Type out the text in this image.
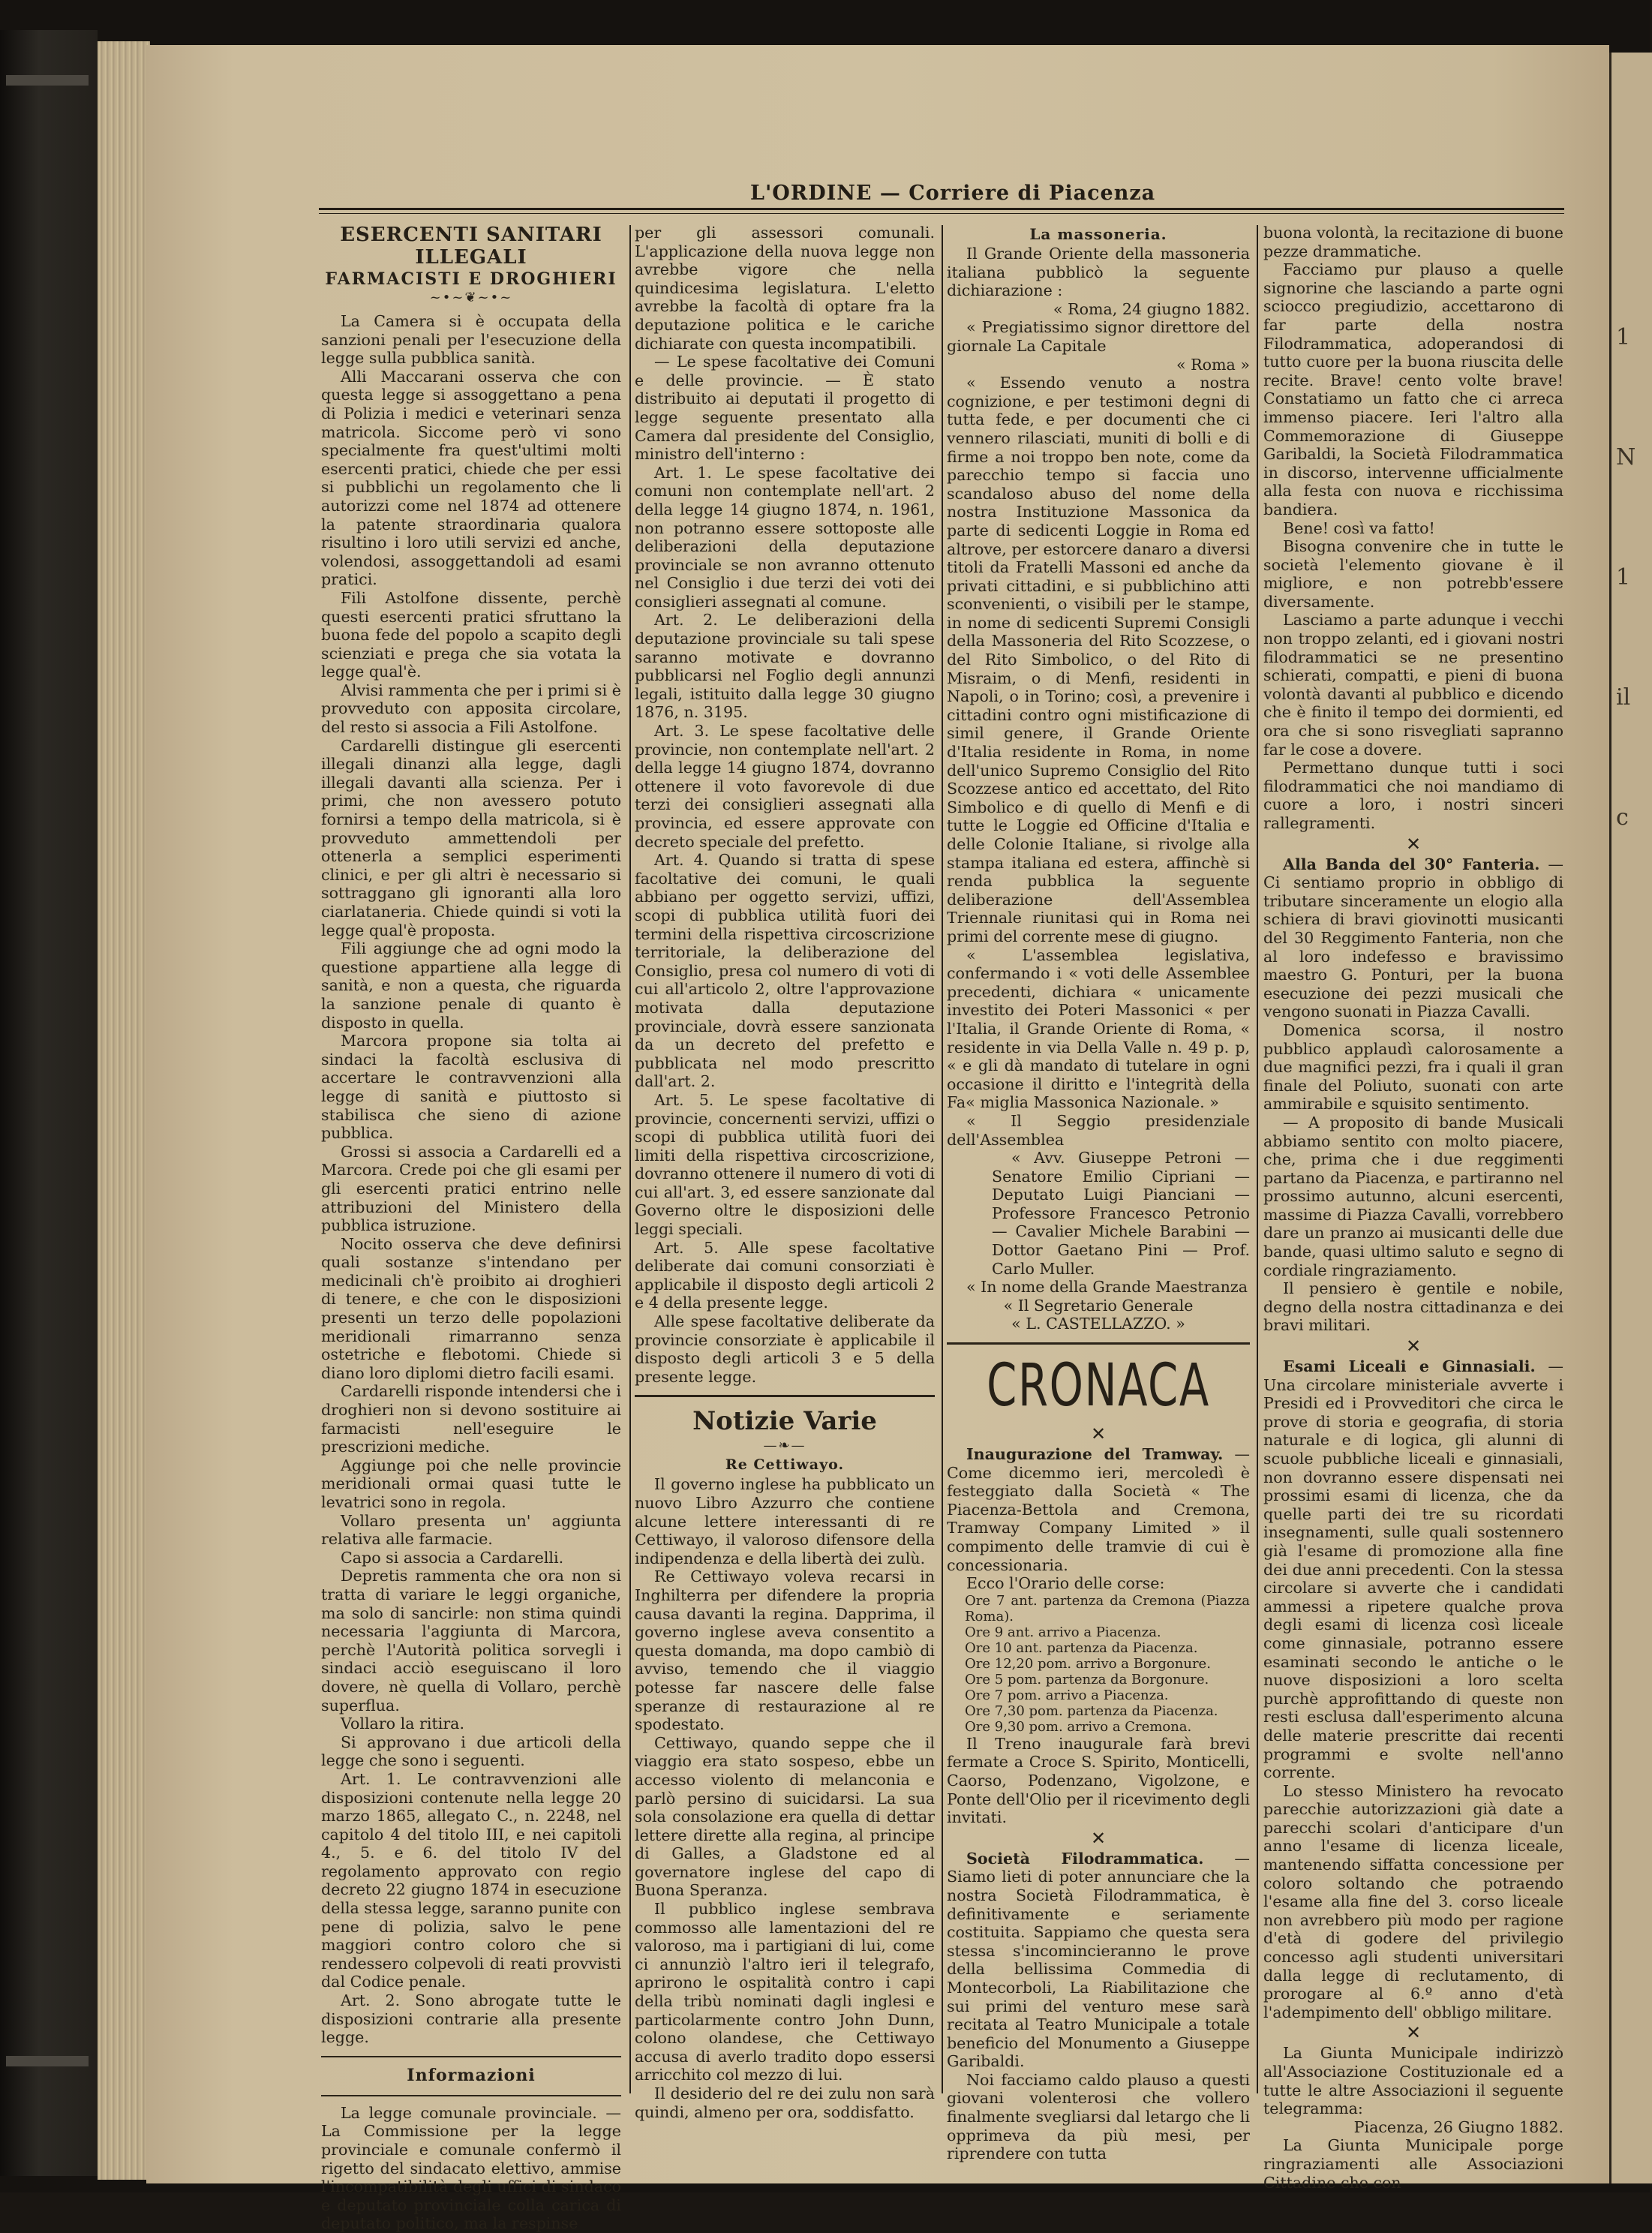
1
N
1
il
c
L'ORDINE — Corriere di Piacenza
ESERCENTI SANITARI ILLEGALI
FARMACISTI E DROGHIERI
~•~❦~•~

La Camera si è occupata della sanzioni penali per l'esecuzione della legge sulla pubblica sanità.

Alli Maccarani osserva che con questa legge si assoggettano a pena di Polizia i medici e veterinari senza matricola. Siccome però vi sono specialmente fra quest'ultimi molti esercenti pratici, chiede che per essi si pubblichi un regolamento che li autorizzi come nel 1874 ad ottenere la patente straordinaria qualora risultino i loro utili servizi ed anche, volendosi, assoggettandoli ad esami pratici.

Fili Astolfone dissente, perchè questi esercenti pratici sfruttano la buona fede del popolo a scapito degli scienziati e prega che sia votata la legge qual'è.

Alvisi rammenta che per i primi si è provveduto con apposita circolare, del resto si associa a Fili Astolfone.

Cardarelli distingue gli esercenti illegali dinanzi alla legge, dagli illegali davanti alla scienza. Per i primi, che non avessero potuto fornirsi a tempo della matricola, si è provveduto ammettendoli per ottenerla a semplici esperimenti clinici, e per gli altri è necessario si sottraggano gli ignoranti alla loro ciarlataneria. Chiede quindi si voti la legge qual'è proposta.

Fili aggiunge che ad ogni modo la questione appartiene alla legge di sanità, e non a questa, che riguarda la sanzione penale di quanto è disposto in quella.

Marcora propone sia tolta ai sindaci la facoltà esclusiva di accertare le contravvenzioni alla legge di sanità e piuttosto si stabilisca che sieno di azione pubblica.

Grossi si associa a Cardarelli ed a Marcora. Crede poi che gli esami per gli esercenti pratici entrino nelle attribuzioni del Ministero della pubblica istruzione.

Nocito osserva che deve definirsi quali sostanze s'intendano per medicinali ch'è proibito ai droghieri di tenere, e che con le disposizioni presenti un terzo delle popolazioni meridionali rimarranno senza ostetriche e flebotomi. Chiede si diano loro diplomi dietro facili esami.

Cardarelli risponde intendersi che i droghieri non si devono sostituire ai farmacisti nell'eseguire le prescrizioni mediche.

Aggiunge poi che nelle provincie meridionali ormai quasi tutte le levatrici sono in regola.

Vollaro presenta un' aggiunta relativa alle farmacie.

Capo si associa a Cardarelli.

Depretis rammenta che ora non si tratta di variare le leggi organiche, ma solo di sancirle: non stima quindi necessaria l'aggiunta di Marcora, perchè l'Autorità politica sorvegli i sindaci acciò eseguiscano il loro dovere, nè quella di Vollaro, perchè superflua.

Vollaro la ritira.

Si approvano i due articoli della legge che sono i seguenti.

Art. 1. Le contravvenzioni alle disposizioni contenute nella legge 20 marzo 1865, allegato C., n. 2248, nel capitolo 4 del titolo III, e nei capitoli 4., 5. e 6. del titolo IV del regolamento approvato con regio decreto 22 giugno 1874 in esecuzione della stessa legge, saranno punite con pene di polizia, salvo le pene maggiori contro coloro che si rendessero colpevoli di reati provvisti dal Codice penale.

Art. 2. Sono abrogate tutte le disposizioni contrarie alla presente legge.

Informazioni

La legge comunale provinciale. — La Commissione per la legge provinciale e comunale confermò il rigetto del sindacato elettivo, ammise l'incompatibilità degli uffici di sindaco e deputato provinciale colla carica di deputato politico, ma la respinse

per gli assessori comunali. L'applicazione della nuova legge non avrebbe vigore che nella quindicesima legislatura. L'eletto avrebbe la facoltà di optare fra la deputazione politica e le cariche dichiarate con questa incompatibili.

— Le spese facoltative dei Comuni e delle provincie. — È stato distribuito ai deputati il progetto di legge seguente presentato alla Camera dal presidente del Consiglio, ministro dell'interno :

Art. 1. Le spese facoltative dei comuni non contemplate nell'art. 2 della legge 14 giugno 1874, n. 1961, non potranno essere sottoposte alle deliberazioni della deputazione provinciale se non avranno ottenuto nel Consiglio i due terzi dei voti dei consiglieri assegnati al comune.

Art. 2. Le deliberazioni della deputazione provinciale su tali spese saranno motivate e dovranno pubblicarsi nel Foglio degli annunzi legali, istituito dalla legge 30 giugno 1876, n. 3195.

Art. 3. Le spese facoltative delle provincie, non contemplate nell'art. 2 della legge 14 giugno 1874, dovranno ottenere il voto favorevole di due terzi dei consiglieri assegnati alla provincia, ed essere approvate con decreto speciale del prefetto.

Art. 4. Quando si tratta di spese facoltative dei comuni, le quali abbiano per oggetto servizi, uffizi, scopi di pubblica utilità fuori dei termini della rispettiva circoscrizione territoriale, la deliberazione del Consiglio, presa col numero di voti di cui all'articolo 2, oltre l'approvazione motivata dalla deputazione provinciale, dovrà essere sanzionata da un decreto del prefetto e pubblicata nel modo prescritto dall'art. 2.

Art. 5. Le spese facoltative di provincie, concernenti servizi, uffizi o scopi di pubblica utilità fuori dei limiti della rispettiva circoscrizione, dovranno ottenere il numero di voti di cui all'art. 3, ed essere sanzionate dal Governo oltre le disposizioni delle leggi speciali.

Art. 5. Alle spese facoltative deliberate dai comuni consorziati è applicabile il disposto degli articoli 2 e 4 della presente legge.

Alle spese facoltative deliberate da provincie consorziate è applicabile il disposto degli articoli 3 e 5 della presente legge.

Notizie Varie
—❧—
Re Cettiwayo.

Il governo inglese ha pubblicato un nuovo Libro Azzurro che contiene alcune lettere interessanti di re Cettiwayo, il valoroso difensore della indipendenza e della libertà dei zulù.

Re Cettiwayo voleva recarsi in Inghilterra per difendere la propria causa davanti la regina. Dapprima, il governo inglese aveva consentito a questa domanda, ma dopo cambiò di avviso, temendo che il viaggio potesse far nascere delle false speranze di restaurazione al re spodestato.

Cettiwayo, quando seppe che il viaggio era stato sospeso, ebbe un accesso violento di melanconia e parlò persino di suicidarsi. La sua sola consolazione era quella di dettar lettere dirette alla regina, al principe di Galles, a Gladstone ed al governatore inglese del capo di Buona Speranza.

Il pubblico inglese sembrava commosso alle lamentazioni del re valoroso, ma i partigiani di lui, come ci annunziò l'altro ieri il telegrafo, aprirono le ospitalità contro i capi della tribù nominati dagli inglesi e particolarmente contro John Dunn, colono olandese, che Cettiwayo accusa di averlo tradito dopo essersi arricchito col mezzo di lui.

Il desiderio del re dei zulu non sarà quindi, almeno per ora, soddisfatto.

La massoneria.

Il Grande Oriente della massoneria italiana pubblicò la seguente dichiarazione :

« Roma, 24 giugno 1882.

« Pregiatissimo signor direttore del giornale La Capitale

« Roma »

« Essendo venuto a nostra cognizione, e per testimoni degni di tutta fede, e per documenti che ci vennero rilasciati, muniti di bolli e di firme a noi troppo ben note, come da parecchio tempo si faccia uno scandaloso abuso del nome della nostra Instituzione Massonica da parte di sedicenti Loggie in Roma ed altrove, per estorcere danaro a diversi titoli da Fratelli Massoni ed anche da privati cittadini, e si pubblichino atti sconvenienti, o visibili per le stampe, in nome di sedicenti Supremi Consigli della Massoneria del Rito Scozzese, o del Rito Simbolico, o del Rito di Misraim, o di Menfi, residenti in Napoli, o in Torino; così, a prevenire i cittadini contro ogni mistificazione di simil genere, il Grande Oriente d'Italia residente in Roma, in nome dell'unico Supremo Consiglio del Rito Scozzese antico ed accettato, del Rito Simbolico e di quello di Menfi e di tutte le Loggie ed Officine d'Italia e delle Colonie Italiane, si rivolge alla stampa italiana ed estera, affinchè si renda pubblica la seguente deliberazione dell'Assemblea Triennale riunitasi qui in Roma nei primi del corrente mese di giugno.

« L'assemblea legislativa, confermando i « voti delle Assemblee precedenti, dichiara « unicamente investito dei Poteri Massonici « per l'Italia, il Grande Oriente di Roma, « residente in via Della Valle n. 49 p. p, « e gli dà mandato di tutelare in ogni occasione il diritto e l'integrità della Fa« miglia Massonica Nazionale. »

« Il Seggio presidenziale dell'Assemblea

« Avv. Giuseppe Petroni — Senatore Emilio Cipriani — Deputato Luigi Pianciani — Professore Francesco Petronio — Cavalier Michele Barabini — Dottor Gaetano Pini — Prof. Carlo Muller.

« In nome della Grande Maestranza

« Il Segretario Generale

« L. CASTELLAZZO. »

CRONACA
✕

Inaugurazione del Tramway. — Come dicemmo ieri, mercoledì è festeggiato dalla Società « The Piacenza-Bettola and Cremona, Tramway Company Limited » il compimento delle tramvie di cui è concessionaria.

Ecco l'Orario delle corse:

Ore 7 ant. partenza da Cremona (Piazza Roma).
Ore 9 ant. arrivo a Piacenza.
Ore 10 ant. partenza da Piacenza.
Ore 12,20 pom. arrivo a Borgonure.
Ore 5 pom. partenza da Borgonure.
Ore 7 pom. arrivo a Piacenza.
Ore 7,30 pom. partenza da Piacenza.
Ore 9,30 pom. arrivo a Cremona.

Il Treno inaugurale farà brevi fermate a Croce S. Spirito, Monticelli, Caorso, Podenzano, Vigolzone, e Ponte dell'Olio per il ricevimento degli invitati.

✕

Società Filodrammatica. — Siamo lieti di poter annunciare che la nostra Società Filodrammatica, è definitivamente e seriamente costituita. Sappiamo che questa sera stessa s'incomincieranno le prove della bellissima Commedia di Montecorboli, La Riabilitazione che sui primi del venturo mese sarà recitata al Teatro Municipale a totale beneficio del Monumento a Giuseppe Garibaldi.

Noi facciamo caldo plauso a questi giovani volenterosi che vollero finalmente svegliarsi dal letargo che li opprimeva da più mesi, per riprendere con tutta

buona volontà, la recitazione di buone pezze drammatiche.

Facciamo pur plauso a quelle signorine che lasciando a parte ogni sciocco pregiudizio, accettarono di far parte della nostra Filodrammatica, adoperandosi di tutto cuore per la buona riuscita delle recite. Brave! cento volte brave! Constatiamo un fatto che ci arreca immenso piacere. Ieri l'altro alla Commemorazione di Giuseppe Garibaldi, la Società Filodrammatica in discorso, intervenne ufficialmente alla festa con nuova e ricchissima bandiera.

Bene! così va fatto!

Bisogna convenire che in tutte le società l'elemento giovane è il migliore, e non potrebb'essere diversamente.

Lasciamo a parte adunque i vecchi non troppo zelanti, ed i giovani nostri filodrammatici se ne presentino schierati, compatti, e pieni di buona volontà davanti al pubblico e dicendo che è finito il tempo dei dormienti, ed ora che si sono risvegliati sapranno far le cose a dovere.

Permettano dunque tutti i soci filodrammatici che noi mandiamo di cuore a loro, i nostri sinceri rallegramenti.

✕

Alla Banda del 30° Fanteria. — Ci sentiamo proprio in obbligo di tributare sinceramente un elogio alla schiera di bravi giovinotti musicanti del 30 Reggimento Fanteria, non che al loro indefesso e bravissimo maestro G. Ponturi, per la buona esecuzione dei pezzi musicali che vengono suonati in Piazza Cavalli.

Domenica scorsa, il nostro pubblico applaudì calorosamente a due magnifici pezzi, fra i quali il gran finale del Poliuto, suonati con arte ammirabile e squisito sentimento.

— A proposito di bande Musicali abbiamo sentito con molto piacere, che, prima che i due reggimenti partano da Piacenza, e partiranno nel prossimo autunno, alcuni esercenti, massime di Piazza Cavalli, vorrebbero dare un pranzo ai musicanti delle due bande, quasi ultimo saluto e segno di cordiale ringraziamento.

Il pensiero è gentile e nobile, degno della nostra cittadinanza e dei bravi militari.

✕

Esami Liceali e Ginnasiali. — Una circolare ministeriale avverte i Presidi ed i Provveditori che circa le prove di storia e geografia, di storia naturale e di logica, gli alunni di scuole pubbliche liceali e ginnasiali, non dovranno essere dispensati nei prossimi esami di licenza, che da quelle parti dei tre su ricordati insegnamenti, sulle quali sostennero già l'esame di promozione alla fine dei due anni precedenti. Con la stessa circolare si avverte che i candidati ammessi a ripetere qualche prova degli esami di licenza così liceale come ginnasiale, potranno essere esaminati secondo le antiche o le nuove disposizioni a loro scelta purchè approfittando di queste non resti esclusa dall'esperimento alcuna delle materie prescritte dai recenti programmi e svolte nell'anno corrente.

Lo stesso Ministero ha revocato parecchie autorizzazioni già date a parecchi scolari d'anticipare d'un anno l'esame di licenza liceale, mantenendo siffatta concessione per coloro soltando che potraendo l'esame alla fine del 3. corso liceale non avrebbero più modo per ragione d'età di godere del privilegio concesso agli studenti universitari dalla legge di reclutamento, di prorogare al 6.º anno d'età l'adempimento dell' obbligo militare.

✕

La Giunta Municipale indirizzò all'Associazione Costituzionale ed a tutte le altre Associazioni il seguente telegramma:

Piacenza, 26 Giugno 1882.

La Giunta Municipale porge ringraziamenti alle Associazioni Cittadine che con
